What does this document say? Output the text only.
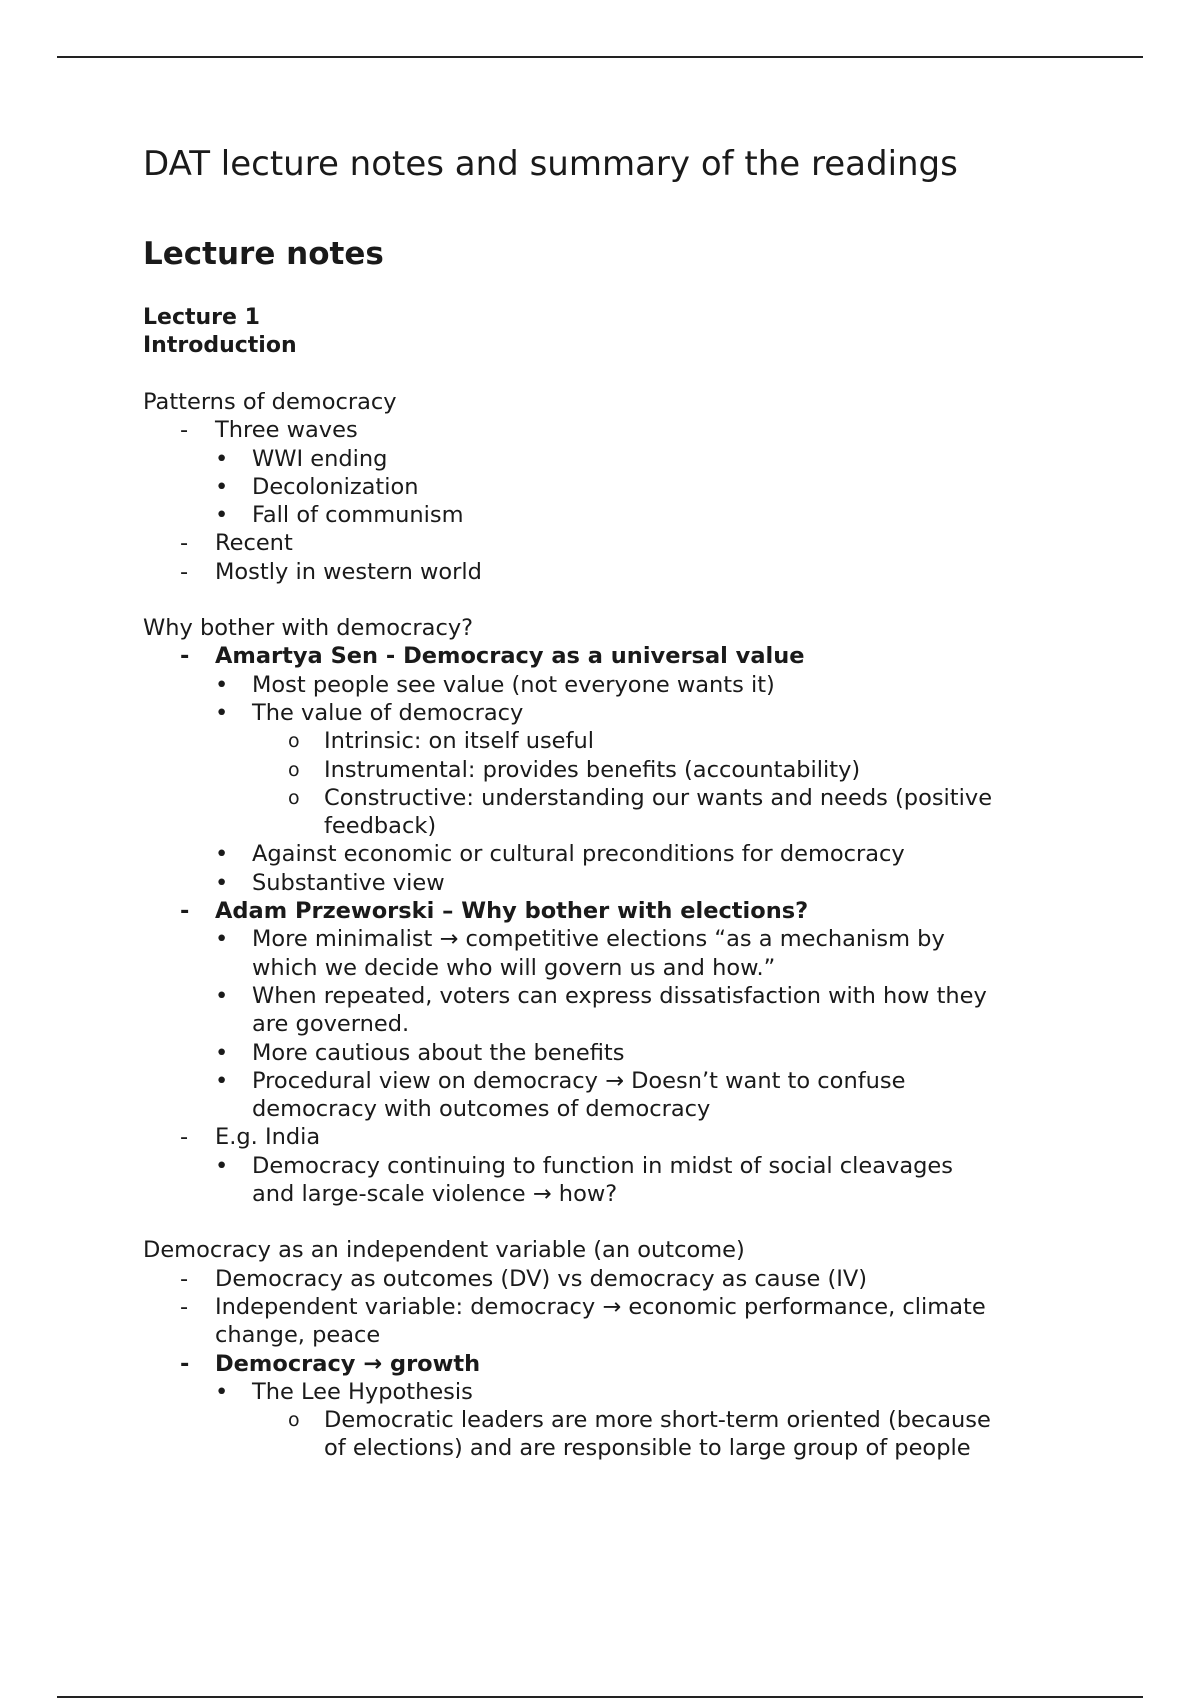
DAT lecture notes and summary of the readings
Lecture notes
Lecture 1
Introduction
Patterns of democracy
- Three waves
• WWI ending
• Decolonization
• Fall of communism
- Recent
- Mostly in western world
Why bother with democracy?
- Amartya Sen - Democracy as a universal value
• Most people see value (not everyone wants it)
• The value of democracy
o Intrinsic: on itself useful
o Instrumental: provides benefits (accountability)
o Constructive: understanding our wants and needs (positive
feedback)
• Against economic or cultural preconditions for democracy
• Substantive view
- Adam Przeworski – Why bother with elections?
• More minimalist → competitive elections “as a mechanism by
which we decide who will govern us and how.”
• When repeated, voters can express dissatisfaction with how they
are governed.
• More cautious about the benefits
• Procedural view on democracy → Doesn’t want to confuse
democracy with outcomes of democracy
- E.g. India
• Democracy continuing to function in midst of social cleavages
and large-scale violence → how?
Democracy as an independent variable (an outcome)
- Democracy as outcomes (DV) vs democracy as cause (IV)
- Independent variable: democracy → economic performance, climate
change, peace
- Democracy → growth
• The Lee Hypothesis
o Democratic leaders are more short-term oriented (because
of elections) and are responsible to large group of people
